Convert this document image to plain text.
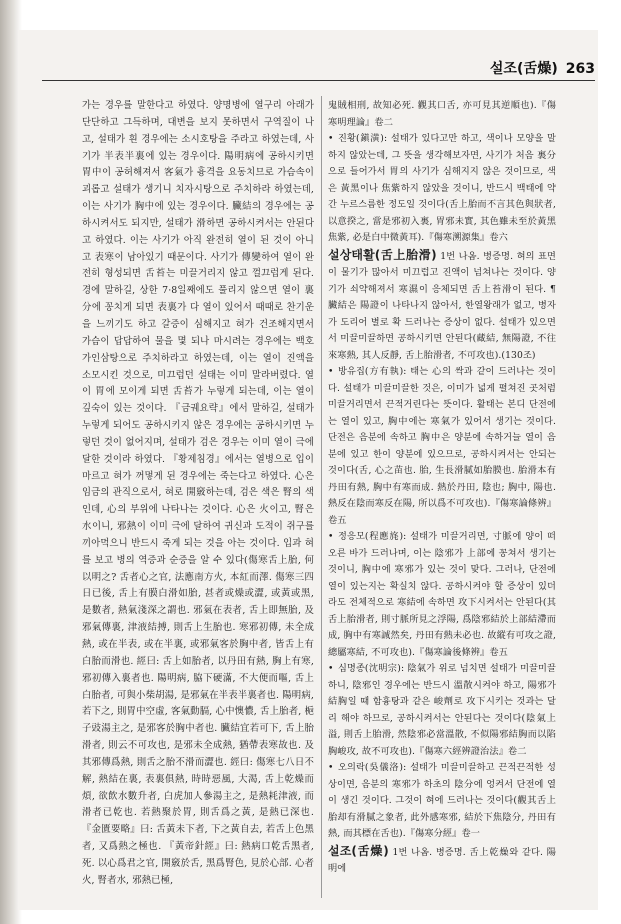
설조(舌燥) 263

가는 경우를 말한다고 하였다. 양명병에 열구리 아래가 단단하고 그득하며, 대변을 보지 못하면서 구역질이 나고, 설태가 흰 경우에는 소시호탕을 주라고 하였는데, 사기가 半表半裏에 있는 경우이다. 陽明病에 공하시키면 胃中이 공허해져서 客氣가 흉격을 요동치므로 가슴속이 괴롭고 설태가 생기니 치자시탕으로 주치하라 하였는데, 이는 사기가 胸中에 있는 경우이다. 臟結의 경우에는 공하시켜서도 되지만, 설태가 滑하면 공하시켜서는 안된다고 하였다. 이는 사기가 아직 완전히 열이 된 것이 아니고 表寒이 남아있기 때문이다. 사기가 傳變하여 열이 완전히 형성되면 舌苔는 미끌거리지 않고 껄끄럽게 된다. 경에 말하길, 상한 7·8일째에도 풀리지 않으면 열이 裏分에 꽁치게 되면 表裏가 다 열이 있어서 때때로 찬기운을 느끼기도 하고 갈증이 심해지고 혀가 건조해지면서 가슴이 답답하여 물을 몇 되나 마시려는 경우에는 백호가인삼탕으로 주치하라고 하였는데, 이는 열이 진액을 소모시킨 것으로, 미끄럽던 설태는 이미 말라버렸다. 열이 胃에 모이게 되면 舌苔가 누렇게 되는데, 이는 열이 깊숙이 있는 것이다. 『금궤요략』에서 말하길, 설태가 누렇게 되어도 공하시키지 않은 경우에는 공하시키면 누렇던 것이 없어지며, 설태가 검은 경우는 이미 열이 극에 달한 것이라 하였다. 『황제침경』에서는 열병으로 입이 마르고 혀가 꺼멓게 된 경우에는 죽는다고 하였다. 心은 임금의 관직으로서, 혀로 開竅하는데, 검은 색은 腎의 색인데, 心의 부위에 나타나는 것이다. 心은 火이고, 腎은 水이니, 邪熱이 이미 극에 달하여 귀신과 도적이 쥐구를 끼아먹으니 반드시 죽게 되는 것을 아는 것이다. 입과 혀를 보고 병의 역증과 순증을 알 수 있다(傷寒舌上胎, 何以明之? 舌者心之官, 法應南方火, 本紅而澤. 傷寒三四日已後, 舌上有膜白滑如胎, 甚者或燥或澀, 或黃或黑, 是數者, 熱氣淺深之謂也. 邪氣在表者, 舌上即無胎, 及邪氣傳裏, 津液結搏, 則舌上生胎也. 寒邪初傳, 未全成熱, 或在半表, 或在半裏, 或邪氣客於胸中者, 皆舌上有白胎而滑也. 經曰: 舌上如胎者, 以丹田有熱, 胸上有寒, 邪初傳入裏者也. 陽明病, 脇下硬滿, 不大便而嘔, 舌上白胎者, 可與小柴胡湯, 是邪氣在半表半裏者也. 陽明病, 若下之, 則胃中空虛, 客氣動膈, 心中懊憹, 舌上胎者, 梔子豉湯主之, 是邪客於胸中者也. 臟結宜若可下, 舌上胎滑者, 則云不可攻也, 是邪未全成熱, 猶帶表寒故也. 及其邪傳爲熱, 則舌之胎不滑而澀也. 經曰: 傷寒七八日不解, 熱結在裏, 表裏俱熱, 時時惡風, 大渴, 舌上乾燥而煩, 欲飲水數升者, 白虎加人參湯主之, 是熱耗津液, 而滑者已乾也. 若熱聚於胃, 則舌爲之黃, 是熱已深也. 『金匱要略』曰: 舌黃未下者, 下之黃自去, 若舌上色黑者, 又爲熱之極也. 『黃帝針經』曰: 熱病口乾舌黑者, 死. 以心爲君之官, 開竅於舌, 黑爲腎色, 見於心部. 心者火, 腎者水, 邪熱已極,

鬼賊相刑, 故知必死. 觀其口舌, 亦可見其逆順也).『傷寒明理論』卷二

• 진황(鎭潢): 설태가 있다고만 하고, 색이나 모양을 말하지 않았는데, 그 뜻을 생각해보자면, 사기가 처음 裏分으로 들어가서 胃의 사기가 심해지지 않은 것이므로, 색은 黃黑이나 焦紫하지 않았을 것이니, 반드시 백태에 약간 누르스름한 정도일 것이다(舌上胎而不言其色與狀者, 以意揆之, 當是邪初入裏, 胃邪未實, 其色雖未至於黃黑焦紫, 必是白中微黃耳).『傷寒溯源集』卷六

설상태활(舌上胎滑) 1번 나옴. 병증명. 혀의 표면이 물기가 많아서 미끄럽고 진액이 넘쳐나는 것이다. 양기가 쇠약해져서 寒濕이 응체되면 舌上苔滑이 된다. ¶ 臟結은 陽證이 나타나지 않아서, 한열왕래가 없고, 병자가 도리어 별로 확 드러나는 증상이 없다. 설태가 있으면서 미끌미끌하면 공하시키면 안된다(藏結, 無陽證, 不往來寒熱, 其人反靜, 舌上胎滑者, 不可攻也).(130조)

• 방유집(方有執): 태는 心의 싹과 같이 드러나는 것이다. 설태가 미끌미끌한 것은, 이미가 넓게 펼쳐진 곳처럼 미끌거리면서 끈적거린다는 뜻이다. 활태는 본디 단전에는 열이 있고, 胸中에는 寒氣가 있어서 생기는 것이다. 단전은 음분에 속하고 胸中은 양분에 속하거늘 열이 음분에 있고 한이 양분에 있으므로, 공하시켜서는 안되는 것이다(舌, 心之苗也. 胎, 生長滑膩如胎膜也. 胎滑本有丹田有熱, 胸中有寒而成. 熱於丹田, 陰也; 胸中, 陽也. 熱反在陰而寒反在陽, 所以爲不可攻也).『傷寒論條辨』卷五

• 정응모(程應旄): 설태가 미끌거리면, 寸脈에 양이 떠오른 바가 드러나며, 이는 陰邪가 上部에 꽁쳐서 생기는 것이니, 胸中에 寒邪가 있는 것이 맞다. 그러나, 단전에 열이 있는지는 확실치 않다. 공하시켜야 할 증상이 있더라도 전체적으로 寒結에 속하면 攻下시켜서는 안된다(其舌上胎滑者, 則寸脈所見之浮陽, 爲陰邪結於上部結滯而成, 胸中有寒誠然矣, 丹田有熱未必也. 故縱有可攻之證, 總屬寒結, 不可攻也).『傷寒論後條辨』卷五

• 심명종(沈明宗): 陰氣가 위로 넘치면 설태가 미끌미끌하니, 陰邪인 경우에는 반드시 溫散시켜야 하고, 陽邪가 結胸일 때 함흉탕과 같은 峻劑로 攻下시키는 것과는 달리 해야 하므로, 공하시켜서는 안된다는 것이다(陰氣上溢, 則舌上胎滑, 然陰邪必當溫散, 不似陽邪結胸而以陷胸峻攻, 故不可攻也).『傷寒六經辨證治法』卷二

• 오의락(吳儀洛): 설태가 미끌미끌하고 끈적끈적한 성상이면, 음분의 寒邪가 하초의 陰分에 엉켜서 단전에 열이 생긴 것이다. 그것이 혀에 드러나는 것이다(觀其舌上胎却有滑膩之象者, 此外感寒邪, 結於下焦陰分, 丹田有熱, 而其標在舌也).『傷寒分經』卷一

설조(舌燥) 1번 나옴. 병증명. 舌上乾燥와 같다. 陽明에
